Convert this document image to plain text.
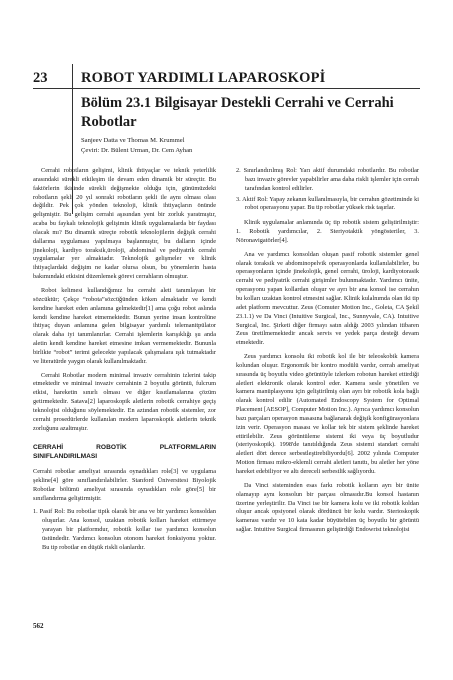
23 ROBOT YARDIMLI LAPAROSKOPİ
Bölüm 23.1 Bilgisayar Destekli Cerrahi ve Cerrahi Robotlar
Sanjeev Datta ve Thomas M. Krummel
Çeviri: Dr. Bülent Urman, Dr. Cem Ayhan

Cerrahi robotların gelişimi, klinik ihtiyaçlar ve teknik yeterlilik arasındaki sürekli etkileşim ile devam eden dinamik bir süreçtir. Bu faktörlerin ikisinde sürekli değişmekte olduğu için, günümüzdeki robotların şekli 20 yıl sonraki robotların şekli ile aynı olması olası değildir. Pek çok yönden teknoloji, klinik ihtiyaçların önünde gelişmiştir. Bu gelişim cerrahi aşısından yeni bir zorluk yaratmıştır, acaba bu faykalı teknolojik gelişimin klinik uygulamalarda bir faydası olacak mı? Bu dinamik süreçte robotik teknolojilerin değişik cerrahi dallarına uygulaması yapılmaya başlanmıştır, bu dalların içinde jinekoloji, kardiyo toraksik,üroloji, abdominal ve pediyatrik cerrahi uygulamalar yer almaktadır. Teknolojik gelişmeler ve klinik ihtiyaçlardaki değişim ne kadar olursa olsun, bu yönemlerin hasta bakımındaki etkisini düzenlemek görevi cerrahların olmuştur.

Robot kelimesi kullandığımız bu cerrahi aleti tanımlayan bir sözcüktür; Çekçe “robota”sözcüğünden köken almaktadır ve kendi kendine hareket eden anlamına gelmektedir[1] ama çoğu robot aslında kendi kendine hareket etmemektedir. Bunun yerine insan kontrolüne ihtiyaç duyan anlamına gelen bilgisayar yardımlı telemanitpülator olarak daha iyi tanımlanırlar. Cerrahi işlemlerin karışıklığı şu anda aletin kendi kendine hareket etmesine imkan vermemektedir. Bununla birlikte “robot” terimi gelecekte yapılacak çalışmalara ışık tutmaktadır ve literatürde yaygın olarak kullanılmaktadır.

Cerrahi Robotlar modern minimal invaziv cerrahinin izlerini takip etmektedir ve minimal invaziv cerrahinin 2 boyutlu görüntü, fulcrum etkisi, hareketin sınırlı olması ve diğer kısıtlamalarına çözüm getirmektedir. Satava[2] laparoskopik aletlerin robotik cerrahiye geçiş teknolojisi olduğunu söylemektedir. En aztından robotik sistemler, zor cerrahi prosedürlerde kullanılan modern laparoskopik aletlerin teknik zorluğunu azaltmıştır.

CERRAHİ ROBOTİK PLATFORMLARIN SINIFLANDIRILMASI

Cerrahi robotlar ameliyat sırasında oynadıkları role[3] ve uygulama şekline[4] göre sınıflandırılabilirler. Stanford Üniversitesi Biyolojik Robotlar bölümü ameliyat sırasında oynadıkları role göre[5] bir sınıflandırma geliştirmiştir.

1. Pasif Rol: Bu robotlar tipik olarak bir ana ve bir yardımcı konsoldan oluşurlar. Ana konsol, uzaktan robotik kolları hareket ettirmeye yarayan bir platformdur, robotik kollar ise yardımcı konsolun üstündedir. Yardımcı konsolun otonom hareket fonksiyonu yoktur. Bu tip robotlar en düşük riskli olanlardır.
2. Sınırlandırılmış Rol: Yarı aktif durumdaki robotlardır. Bu robotlar bazı invaziv görevler yapabilirler ama daha riskli işlemler için cerrah tarafından kontrol edilirler.
3. Aktif Rol: Yapay zekanın kullanılmasıyla, bir cerrahın gözetiminde ki robot operasyonu yapar. Bu tip robotlar yüksek risk taşırlar.

Klinik uygulamalar anlamında üç tip robotik sistem geliştirilmiştir: 1. Robotik yardımcılar, 2. Steriyotaktik yöngösteriler, 3. Nöronavigatörler[4].

Ana ve yardımcı konsoldan oluşan pasif robotik sistemler genel olarak toraksik ve abdominopelvik operasyonlarda kullanılabilirler, bu operasyonların içinde jinekolojik, genel cerrahi, üroloji, kardiyotorasik cerrahi ve pediyatrik cerrahi girişimler bulunmaktadır. Yardımcı ünite, operasyonu yapan kollardan oluşur ve ayrı bir ana konsol ise cerrahın bu kolları uzaktan kontrol etmesini sağlar. Klinik kulalnımda olan iki tip adet platform mevcuttur. Zeus (Comuter Motion Inc., Goleta, CA Şekil 23.1.1) ve Da Vinci (Intuitive Surgical, Inc., Sunnyvale, CA). Intuitive Surgical, Inc. Şirketi diğer firmayı satın aldığı 2003 yılından itibaren Zeus üretilmemektedir ancak servis ve yedek parça desteği devam etmektedir.

Zeus yardımcı konsolu iki robotik kol ile bir teleoskobik kamera kolundan oluşur. Ergonomik bir kontro modülü vardır, cerrah ameliyat sırasında üç boyutlu video görüntüyle izlerken robotun hareket ettirdiği aletleri elektronik olarak kontrol eder. Kamera sesle yönetilen ve kamera manüplasyonu için geliştirilmiş olan ayrı bir robotik kola bağlı olarak kontrol edilir (Automated Endoscopy System for Optimal Placement [AESOP], Computer Motion Inc.). Ayrıca yardımcı konsolun bazı parçaları operasyon masasına bağlanarak değişik konfigürasyonlara izin verir. Operasyon masası ve kollar tek bir sistem şeklinde hareket ettirilebilir. Zeus görüntüleme sistemi iki veya üç boyutludur (steriyoskopik). 1998'de tanıtıldığında Zeus sistemi standart cerrahi aletleri dört derece serbestleştirebiliyordu[6]. 2002 yılında Computer Motion firması mikro-eklemli cerrahi aletleri tanıttı, bu aletler her yöne hareket edebiliyor ve altı dereceli serbestlik sağlıyordu.

Da Vinci sisteminden esas farkı robotik kolların ayrı bir ünite olamayıp aynı konsolun bir parçası olmasıdır.Bu konsol hastanın üzerine yerleştirilir. Da Vinci ise bir kamera kolu ve iki robotik koldan oluşur ancak opsiyonel olarak dördüncü bir kolu vardır. Sterioskopik kamerası vardır ve 10 kata kadar büyütebilen üç boyutlu bir görüntü sağlar. Intuitive Surgical firmasının geliştirdiği Endowrist teknolojisi

562
